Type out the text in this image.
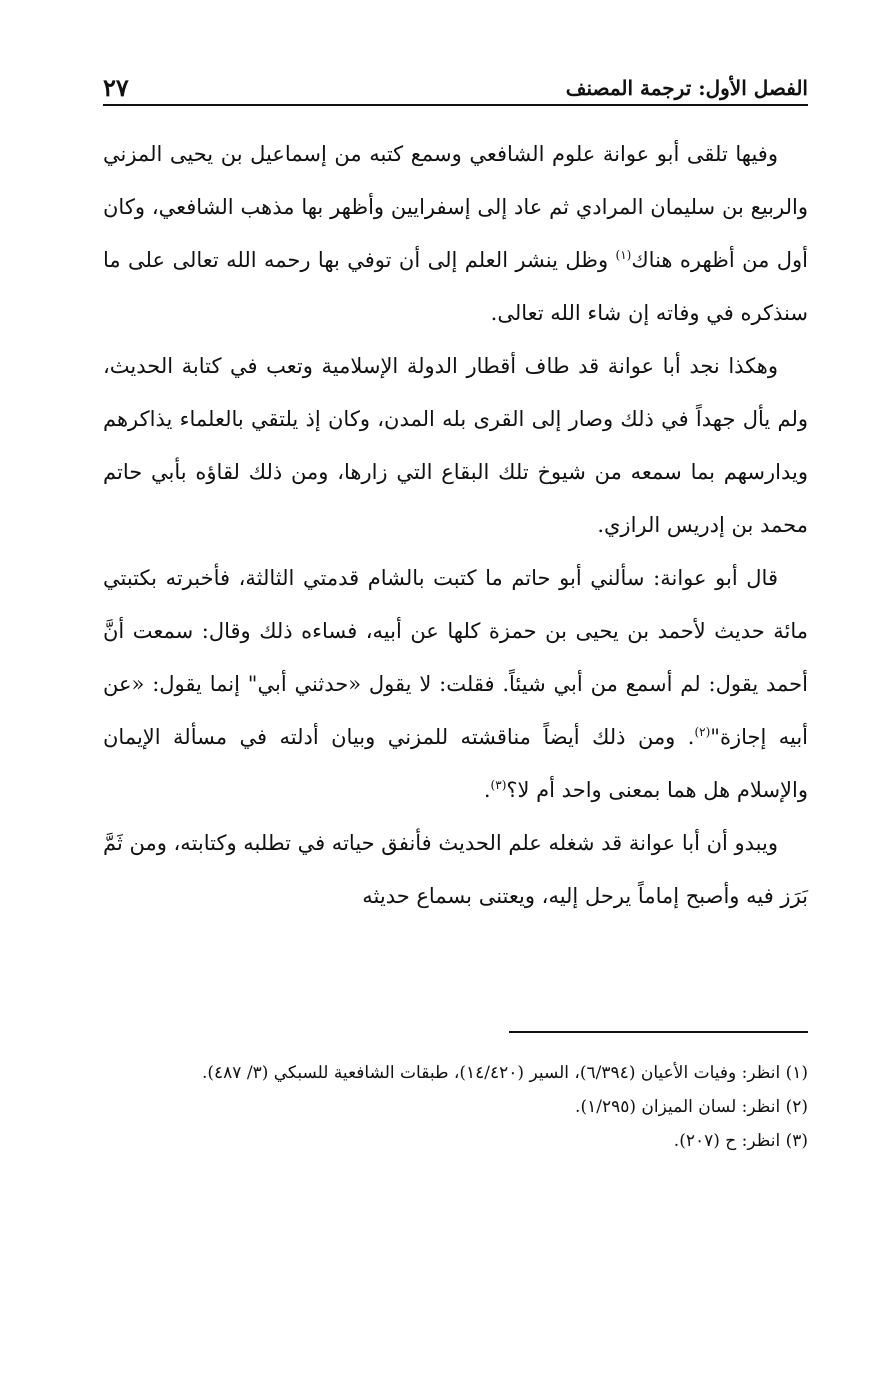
الفصل الأول: ترجمة المصنف
٢٧

وفيها تلقى أبو عوانة علوم الشافعي وسمع كتبه من إسماعيل بن يحيى المزني والربيع بن سليمان المرادي ثم عاد إلى إسفرايين وأظهر بها مذهب الشافعي، وكان أول من أظهره هناك$^{(١)}$ وظل ينشر العلم إلى أن توفي بها رحمه الله تعالى على ما سنذكره في وفاته إن شاء الله تعالى.

وهكذا نجد أبا عوانة قد طاف أقطار الدولة الإسلامية وتعب في كتابة الحديث، ولم يأل جهداً في ذلك وصار إلى القرى بله المدن، وكان إذ يلتقي بالعلماء يذاكرهم ويدارسهم بما سمعه من شيوخ تلك البقاع التي زارها، ومن ذلك لقاؤه بأبي حاتم محمد بن إدريس الرازي.

قال أبو عوانة: سألني أبو حاتم ما كتبت بالشام قدمتي الثالثة، فأخبرته بكتبتي مائة حديث لأحمد بن يحيى بن حمزة كلها عن أبيه، فساءه ذلك وقال: سمعت أنَّ أحمد يقول: لم أسمع من أبي شيئاً. فقلت: لا يقول «حدثني أبي" إنما يقول: «عن أبيه إجازة"$^{(٢)}$. ومن ذلك أيضاً مناقشته للمزني وبيان أدلته في مسألة الإيمان والإسلام هل هما بمعنى واحد أم لا؟$^{(٣)}$.

ويبدو أن أبا عوانة قد شغله علم الحديث فأنفق حياته في تطلبه وكتابته، ومن ثَمَّ بَرَز فيه وأصبح إماماً يرحل إليه، ويعتنى بسماع حديثه

(١) انظر: وفيات الأعيان (٦/٣٩٤)، السير (١٤/٤٢٠)، طبقات الشافعية للسبكي (٣/ ٤٨٧).

(٢) انظر: لسان الميزان (١/٢٩٥).

(٣) انظر: ح (٢٠٧).
